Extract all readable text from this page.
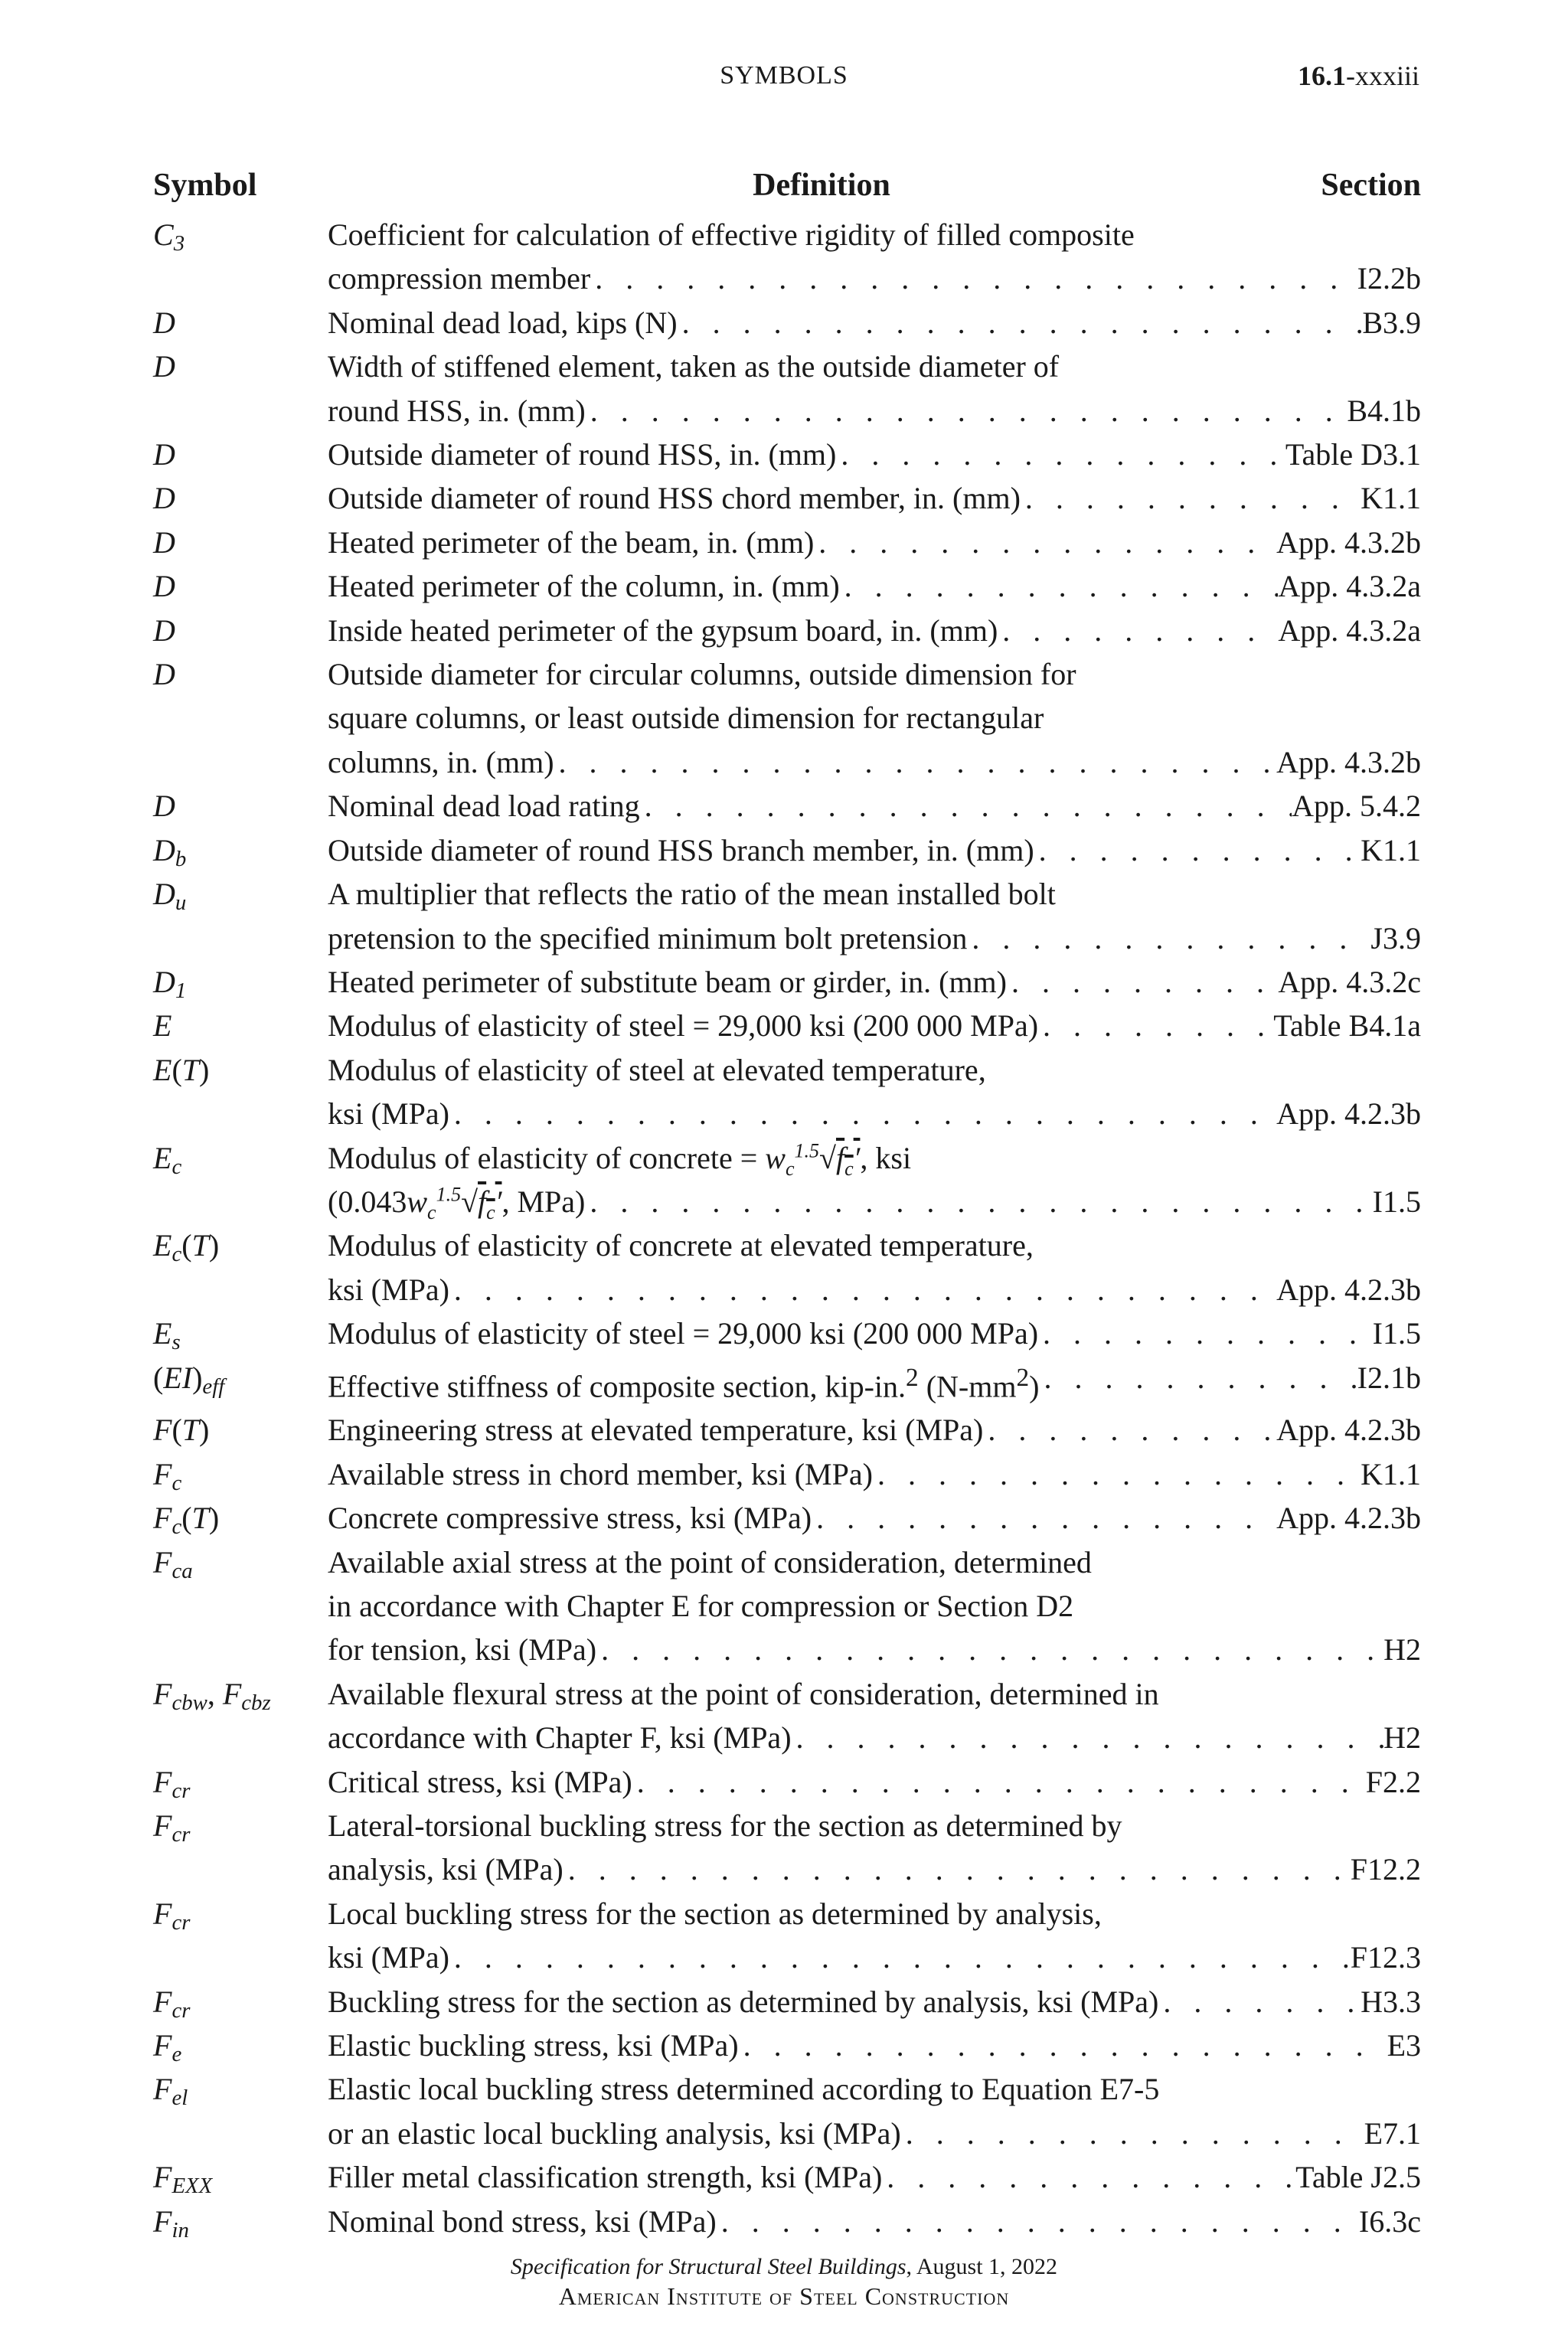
SYMBOLS	16.1-xxxiii
Symbol	Definition	Section
$C_3$	Coefficient for calculation of effective rigidity of filled composite
compression member . . .	I2.2b
D	Nominal dead load, kips (N) . . .	B3.9
D	Width of stiffened element, taken as the outside diameter of
round HSS, in. (mm) . . .	B4.1b
D	Outside diameter of round HSS, in. (mm) . . .	Table D3.1
D	Outside diameter of round HSS chord member, in. (mm) . . .	K1.1
D	Heated perimeter of the beam, in. (mm) . . .	App. 4.3.2b
D	Heated perimeter of the column, in. (mm) . . .	App. 4.3.2a
D	Inside heated perimeter of the gypsum board, in. (mm) . . .	App. 4.3.2a
D	Outside diameter for circular columns, outside dimension for
square columns, or least outside dimension for rectangular
columns, in. (mm) . . .	App. 4.3.2b
D	Nominal dead load rating . . .	App. 5.4.2
$D_b$	Outside diameter of round HSS branch member, in. (mm) . . .	K1.1
$D_u$	A multiplier that reflects the ratio of the mean installed bolt
pretension to the specified minimum bolt pretension . . .	J3.9
$D_1$	Heated perimeter of substitute beam or girder, in. (mm) . . .	App. 4.3.2c
E	Modulus of elasticity of steel = 29,000 ksi (200 000 MPa) . . .	Table B4.1a
E(T)	Modulus of elasticity of steel at elevated temperature,
ksi (MPa) . . .	App. 4.2.3b
$E_c$	Modulus of elasticity of concrete = $w_c^{1.5}√f_c'$, ksi
($0.043w_c^{1.5}√f_c'$, MPa) . . .	I1.5
$E_c(T)$	Modulus of elasticity of concrete at elevated temperature,
ksi (MPa) . . .	App. 4.2.3b
$E_s$	Modulus of elasticity of steel = 29,000 ksi (200 000 MPa) . . .	I1.5
$(EI)_{eff}$	Effective stiffness of composite section, kip-in.$^2$ $(N-mm^2)$ . . .	I2.1b
F(T)	Engineering stress at elevated temperature, ksi (MPa) . . .	App. 4.2.3b
$F_c$	Available stress in chord member, ksi (MPa) . . .	K1.1
$F_c(T)$	Concrete compressive stress, ksi (MPa) . . .	App. 4.2.3b
$F_{ca}$	Available axial stress at the point of consideration, determined
in accordance with Chapter E for compression or Section D2
for tension, ksi (MPa) . . .	H2
$F_{cbw}$, $F_{cbz}$	Available flexural stress at the point of consideration, determined in
accordance with Chapter F, ksi (MPa) . . .	H2
$F_{cr}$	Critical stress, ksi (MPa) . . .	F2.2
$F_{cr}$	Lateral-torsional buckling stress for the section as determined by
analysis, ksi (MPa) . . .	F12.2
$F_{cr}$	Local buckling stress for the section as determined by analysis,
ksi (MPa) . . .	F12.3
$F_{cr}$	Buckling stress for the section as determined by analysis, ksi (MPa) . . .	H3.3
$F_e$	Elastic buckling stress, ksi (MPa) . . .	E3
$F_{el}$	Elastic local buckling stress determined according to Equation E7-5
or an elastic local buckling analysis, ksi (MPa) . . .	E7.1
$F_{EXX}$	Filler metal classification strength, ksi (MPa) . . .	Table J2.5
$F_{in}$	Nominal bond stress, ksi (MPa) . . .	I6.3c
Specification for Structural Steel Buildings, August 1, 2022
American Institute of Steel Construction
